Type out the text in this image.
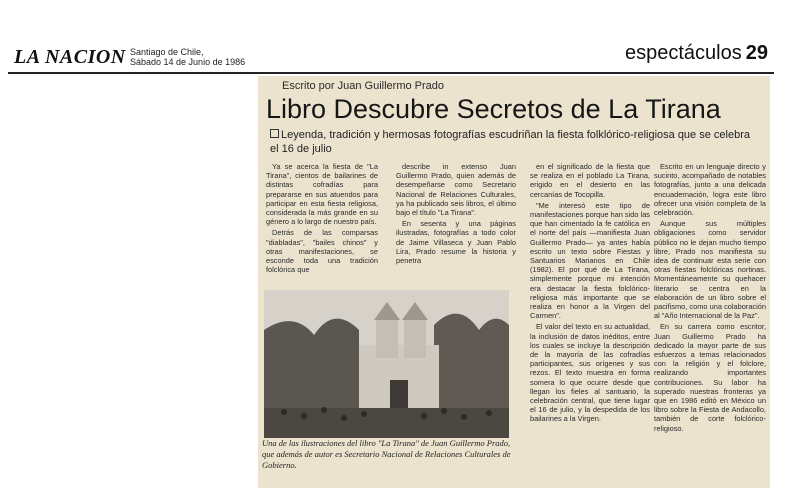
LA NACION Santiago de Chile,
Sábado 14 de Junio de 1986	espectáculos 29
Escrito por Juan Guillermo Prado
Libro Descubre Secretos de La Tirana
Leyenda, tradición y hermosas fotografías escudriñan la fiesta folklórico-religiosa que se celebra el 16 de julio

Ya se acerca la fiesta de "La Tirana", cientos de bailarines de distintas cofradías para prepararse en sus atuendos para participar en esta fiesta religiosa, considerada la más grande en su género a lo largo de nuestro país.

Detrás de las comparsas "diabladas", "bailes chinos" y otras manifestaciones, se esconde toda una tradición folclórica que

describe in extenso Juan Guillermo Prado, quien además de desempeñarse como Secretario Nacional de Relaciones Culturales, ya ha publicado seis libros, el último bajo el título "La Tirana".

En sesenta y una páginas ilustradas, fotografías a todo color de Jaime Villaseca y Juan Pablo Lira, Prado resume la historia y penetra

en el significado de la fiesta que se realiza en el poblado La Tirana, erigido en el desierto en las cercanías de Tocopilla.

"Me interesó este tipo de manifestaciones porque han sido las que han cimentado la fe católica en el norte del país —manifiesta Juan Guillermo Prado— ya antes había escrito un texto sobre Fiestas y Santuarios Marianos en Chile (1982). El por qué de La Tirana, simplemente porque mi intención era destacar la fiesta folclórico-religiosa más importante que se realiza en honor a la Virgen del Carmen".

El valor del texto en su actualidad, la inclusión de datos inéditos, entre los cuales se incluye la descripción de la mayoría de las cofradías participantes, sus orígenes y sus rezos. El texto muestra en forma somera lo que ocurre desde que llegan los fieles al santuario, la celebración central, que tiene lugar el 16 de julio, y la despedida de los bailarines a la Virgen.

Escrito en un lenguaje directo y sucinto, acompañado de notables fotografías, junto a una delicada encuadernación, logra este libro ofrecer una visión completa de la celebración.

Aunque sus múltiples obligaciones como servidor público no le dejan mucho tiempo libre, Prado nos manifiesta su idea de continuar esta serie con otras fiestas folclóricas nortinas. Momentáneamente su quehacer literario se centra en la elaboración de un libro sobre el pacifismo, como una colaboración al "Año Internacional de la Paz".

En su carrera como escritor, Juan Guillermo Prado ha dedicado la mayor parte de sus esfuerzos a temas relacionados con la religión y el folclore, realizando importantes contribuciones. Su labor ha superado nuestras fronteras ya que en 1986 editó en México un libro sobre la Fiesta de Andacollo, también de corte folclórico-religioso.

Una de las ilustraciones del libro "La Tirana" de Juan Guillermo Prado, que además de autor es Secretario Nacional de Relaciones Culturales de Gobierno.
